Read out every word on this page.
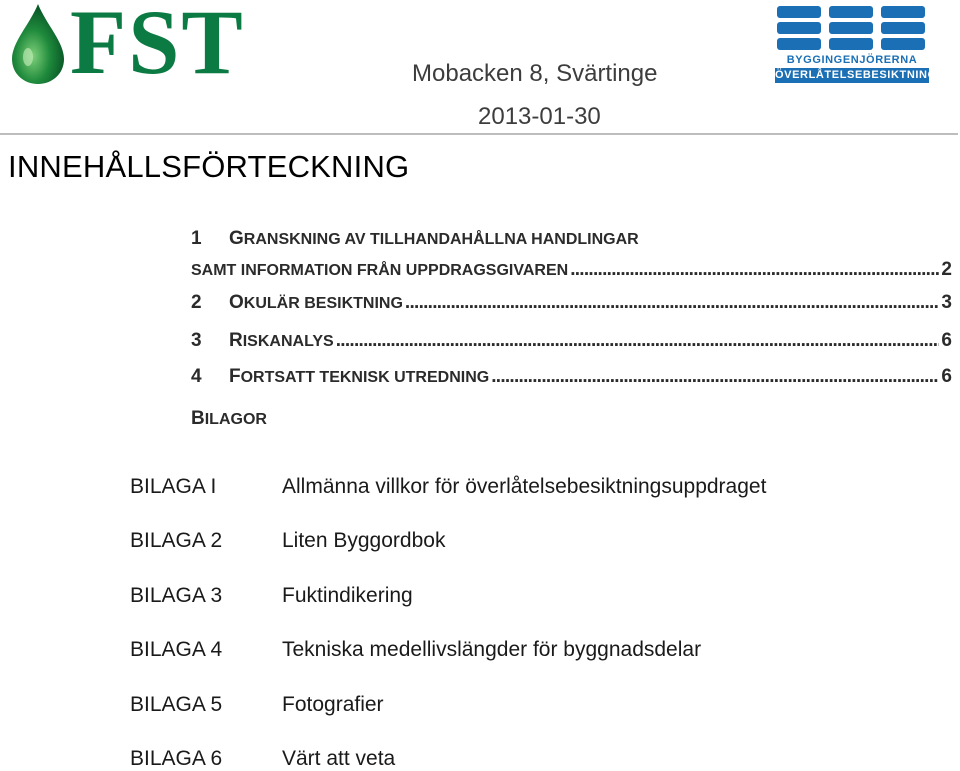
FST	Mobacken 8, Svärtinge
2013-01-30
BYGGINGENJÖRERNA
ÖVERLÅTELSEBESIKTNING
INNEHÅLLSFÖRTECKNING
1 GRANSKNING AV TILLHANDAHÅLLNA HANDLINGAR
SAMT INFORMATION FRÅN UPPDRAGSGIVAREN . . .	2
2	OKULÄR BESIKTNING . . .	3
3	RISKANALYS . . .	6
4	FORTSATT TEKNISK UTREDNING . . .	6
BILAGOR
BILAGA I	Allmänna villkor för överlåtelsebesiktningsuppdraget
BILAGA 2	Liten Byggordbok
BILAGA 3	Fuktindikering
BILAGA 4	Tekniska medellivslängder för byggnadsdelar
BILAGA 5	Fotografier
BILAGA 6	Värt att veta
